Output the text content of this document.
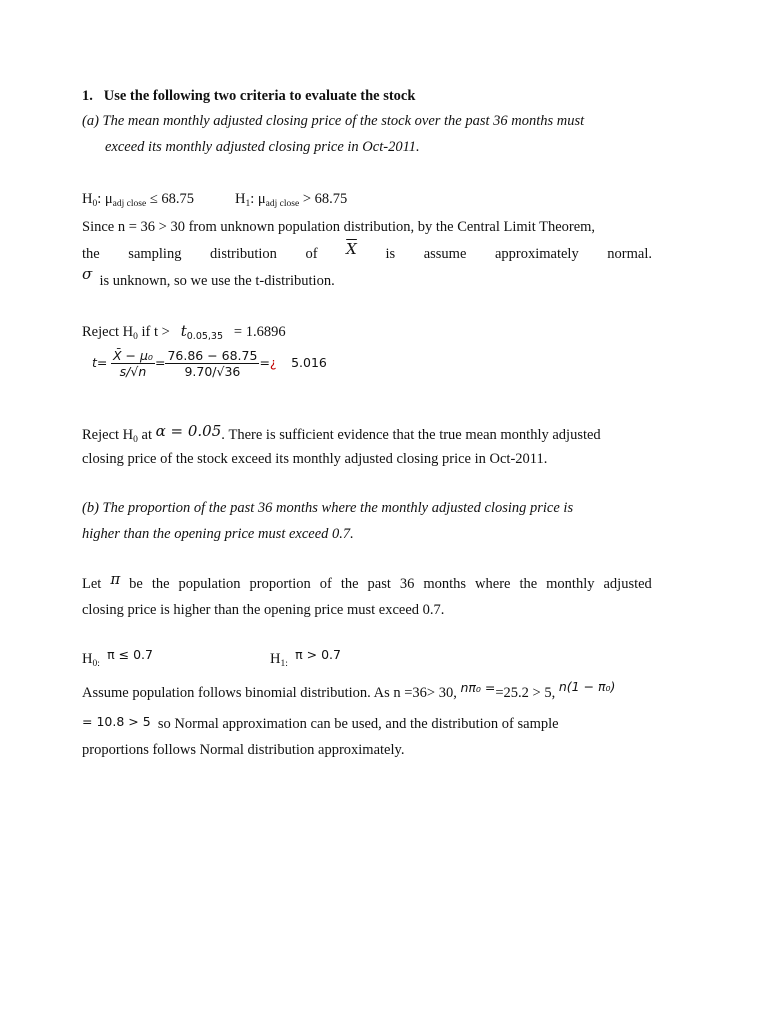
1. Use the following two criteria to evaluate the stock
(a) The mean monthly adjusted closing price of the stock over the past 36 months must
exceed its monthly adjusted closing price in Oct-2011.
$H_0$: $\mu_{adj close} \le 68.75$	$H_1$: $\mu_{adj close} > 68.75$
Since n = 36 > 30 from unknown population distribution, by the Central Limit Theorem,
the sampling distribution of $\overline{X}$ is assume approximately normal.
σ is unknown, so we use the t-distribution.
Reject $H_0$ if $t > t_{0.05,35} = 1.6896$
$t= \frac{\text{X̄ − μ₀}}{s/√n} = \frac{76.86 - 68.75}{9.70/√36}$ =¿ 5.016
Reject $H_0$ at α = 0.05. There is sufficient evidence that the true mean monthly adjusted
closing price of the stock exceed its monthly adjusted closing price in Oct-2011.
(b) The proportion of the past 36 months where the monthly adjusted closing price is
higher than the opening price must exceed 0.7.
Let π be the population proportion of the past 36 months where the monthly adjusted
closing price is higher than the opening price must exceed 0.7.
$H_{0:}$  π ≤ 0.7	$H_{1:}$  π > 0.7
Assume population follows binomial distribution. As n =36> 30, nπ₀ ==25.2 > 5, n(1 − π₀)
= 10.8 > 5 so Normal approximation can be used, and the distribution of sample
proportions follows Normal distribution approximately.
